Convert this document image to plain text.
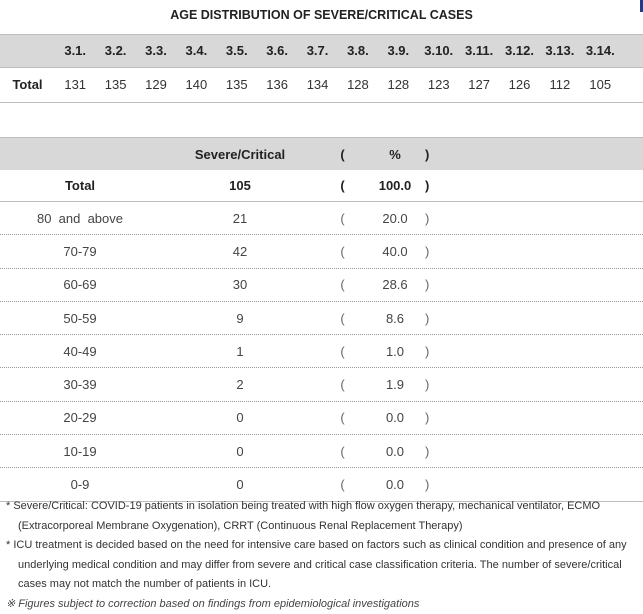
AGE DISTRIBUTION OF SEVERE/CRITICAL CASES
3.1.	3.2.	3.3.	3.4.	3.5.	3.6.	3.7.	3.8.	3.9.	3.10. 3.11. 3.12. 3.13. 3.14.
Total	131	135	129	140	135	136	134	128	128	123	127	126	112	105
Severe/Critical	(	%	)
Total	105	(	100.0	)
80  and  above	21	(	20.0	)
70-79	42	(	40.0	)
60-69	30	(	28.6	)
50-59	9	(	8.6	)
40-49	1	(	1.0	)
30-39	2	(	1.9	)
20-29	0	(	0.0	)
10-19	0	(	0.0	)
0-9	0	(	0.0	)

* Severe/Critical: COVID-19 patients in isolation being treated with high flow oxygen therapy, mechanical ventilator, ECMO (Extracorporeal Membrane Oxygenation), CRRT (Continuous Renal Replacement Therapy)

* ICU treatment is decided based on the need for intensive care based on factors such as clinical condition and presence of any underlying medical condition and may differ from severe and critical case classification criteria. The number of severe/critical cases may not match the number of patients in ICU.

※ Figures subject to correction based on findings from epidemiological investigations
